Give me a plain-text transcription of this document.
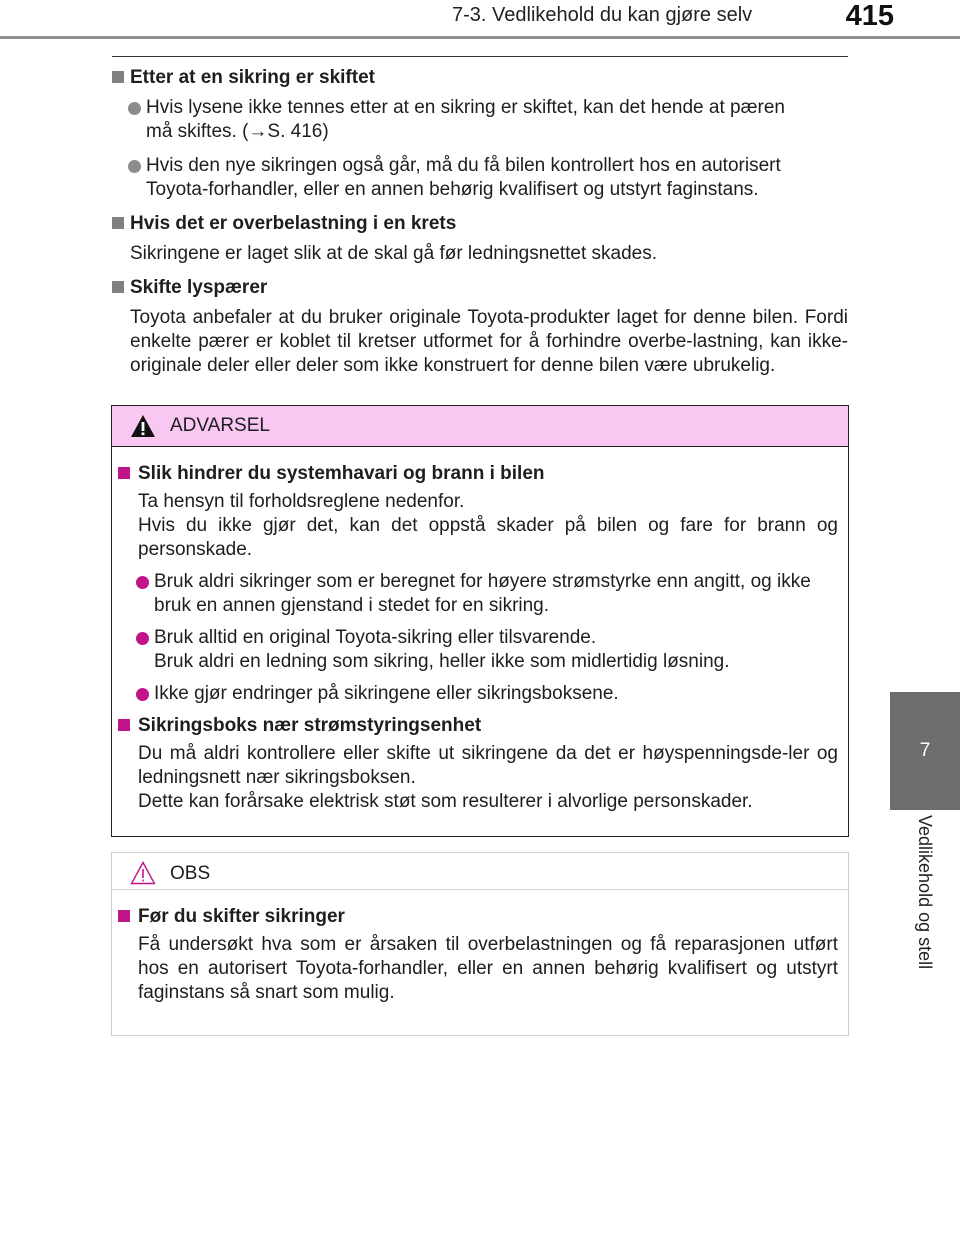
7-3. Vedlikehold du kan gjøre selv	415
7
Vedlikehold og stell
Etter at en sikring er skiftet
Hvis lysene ikke tennes etter at en sikring er skiftet, kan det hende at pæren
må skiftes. (→S. 416)
Hvis den nye sikringen også går, må du få bilen kontrollert hos en autorisert
Toyota-forhandler, eller en annen behørig kvalifisert og utstyrt faginstans.
Hvis det er overbelastning i en krets
Sikringene er laget slik at de skal gå før ledningsnettet skades.
Skifte lyspærer
Toyota anbefaler at du bruker originale Toyota-produkter laget for denne bilen. Fordi enkelte pærer er koblet til kretser utformet for å forhindre overbe-lastning, kan ikke-originale deler eller deler som ikke konstruert for denne bilen være ubrukelig.
ADVARSEL
Slik hindrer du systemhavari og brann i bilen
Ta hensyn til forholdsreglene nedenfor.
Hvis du ikke gjør det, kan det oppstå skader på bilen og fare for brann og personskade.
Bruk aldri sikringer som er beregnet for høyere strømstyrke enn angitt, og ikke bruk en annen gjenstand i stedet for en sikring.
Bruk alltid en original Toyota-sikring eller tilsvarende.
Bruk aldri en ledning som sikring, heller ikke som midlertidig løsning.
Ikke gjør endringer på sikringene eller sikringsboksene.
Sikringsboks nær strømstyringsenhet
Du må aldri kontrollere eller skifte ut sikringene da det er høyspenningsde-ler og ledningsnett nær sikringsboksen.
Dette kan forårsake elektrisk støt som resulterer i alvorlige personskader.
OBS
Før du skifter sikringer
Få undersøkt hva som er årsaken til overbelastningen og få reparasjonen utført hos en autorisert Toyota-forhandler, eller en annen behørig kvalifisert og utstyrt faginstans så snart som mulig.
